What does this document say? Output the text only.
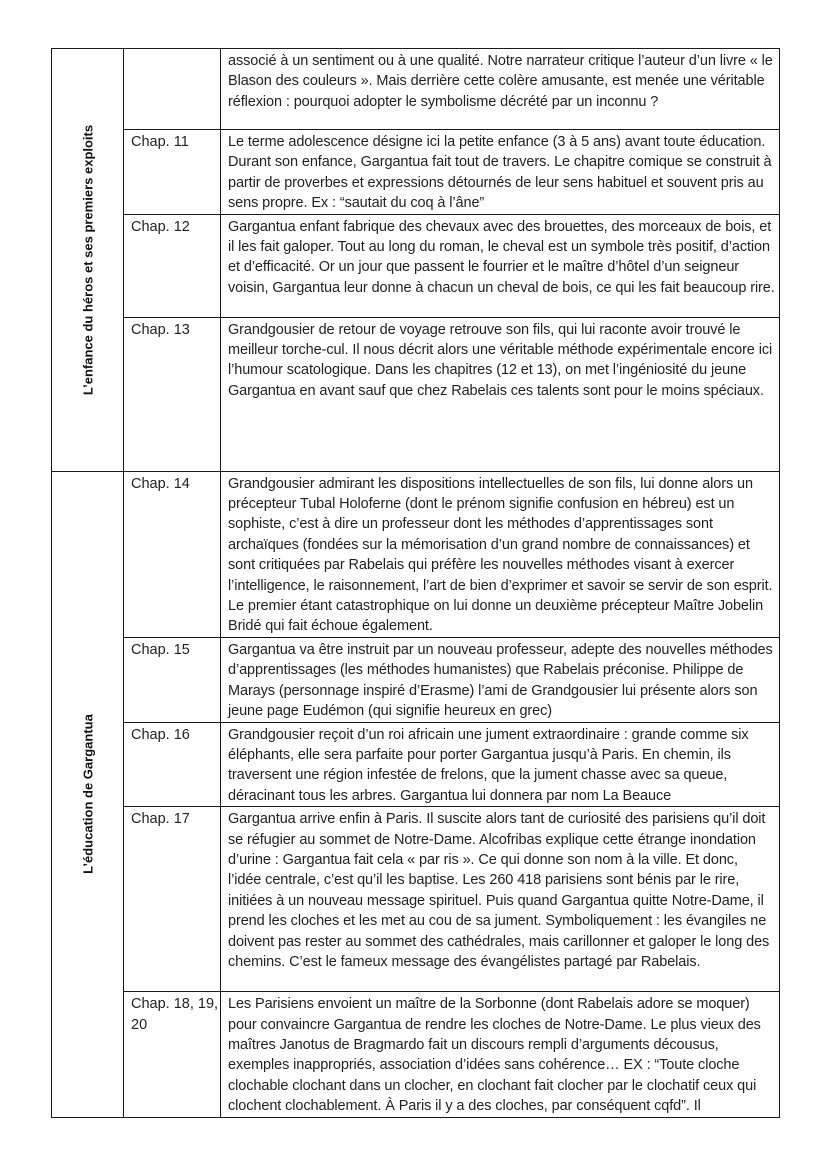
L’enfance du héros et ses premiers exploits		associé à un sentiment ou à une qualité. Notre narrateur critique l’auteur d’un livre « le Blason des couleurs ». Mais derrière cette colère amusante, est menée une véritable réflexion : pourquoi adopter le symbolisme décrété par un inconnu ?
	Chap. 11	Le terme adolescence désigne ici la petite enfance (3 à 5 ans) avant toute éducation. Durant son enfance, Gargantua fait tout de travers. Le chapitre comique se construit à partir de proverbes et expressions détournés de leur sens habituel et souvent pris au sens propre. Ex : “sautait du coq à l’âne”
	Chap. 12	Gargantua enfant fabrique des chevaux avec des brouettes, des morceaux de bois, et il les fait galoper. Tout au long du roman, le cheval est un symbole très positif, d’action et d’efficacité. Or un jour que passent le fourrier et le maître d’hôtel d’un seigneur voisin, Gargantua leur donne à chacun un cheval de bois, ce qui les fait beaucoup rire.
	Chap. 13	Grandgousier de retour de voyage retrouve son fils, qui lui raconte avoir trouvé le meilleur torche-cul. Il nous décrit alors une véritable méthode expérimentale encore ici l’humour scatologique. Dans les chapitres (12 et 13), on met l’ingéniosité du jeune Gargantua en avant sauf que chez Rabelais ces talents sont pour le moins spéciaux.

L’éducation de Gargantua	Chap. 14	Grandgousier admirant les dispositions intellectuelles de son fils, lui donne alors un précepteur Tubal Holoferne (dont le prénom signifie confusion en hébreu) est un sophiste, c’est à dire un professeur dont les méthodes d’apprentissages sont archaïques (fondées sur la mémorisation d’un grand nombre de connaissances) et sont critiquées par Rabelais qui préfère les nouvelles méthodes visant à exercer l’intelligence, le raisonnement, l’art de bien d’exprimer et savoir se servir de son esprit. Le premier étant catastrophique on lui donne un deuxième précepteur Maître Jobelin Bridé qui fait échoue également.
	Chap. 15	Gargantua va être instruit par un nouveau professeur, adepte des nouvelles méthodes d’apprentissages (les méthodes humanistes) que Rabelais préconise. Philippe de Marays (personnage inspiré d’Erasme) l’ami de Grandgousier lui présente alors son jeune page Eudémon (qui signifie heureux en grec)
	Chap. 16	Grandgousier reçoit d’un roi africain une jument extraordinaire : grande comme six éléphants, elle sera parfaite pour porter Gargantua jusqu’à Paris. En chemin, ils traversent une région infestée de frelons, que la jument chasse avec sa queue, déracinant tous les arbres. Gargantua lui donnera par nom La Beauce
	Chap. 17	Gargantua arrive enfin à Paris. Il suscite alors tant de curiosité des parisiens qu’il doit se réfugier au sommet de Notre-Dame. Alcofribas explique cette étrange inondation d’urine : Gargantua fait cela « par ris ». Ce qui donne son nom à la ville. Et donc, l’idée centrale, c’est qu’il les baptise. Les 260 418 parisiens sont bénis par le rire, initiées à un nouveau message spirituel. Puis quand Gargantua quitte Notre-Dame, il prend les cloches et les met au cou de sa jument. Symboliquement : les évangiles ne doivent pas rester au sommet des cathédrales, mais carillonner et galoper le long des chemins. C’est le fameux message des évangélistes partagé par Rabelais.
	Chap. 18, 19, 20	Les Parisiens envoient un maître de la Sorbonne (dont Rabelais adore se moquer) pour convaincre Gargantua de rendre les cloches de Notre-Dame. Le plus vieux des maîtres Janotus de Bragmardo fait un discours rempli d’arguments décousus, exemples inappropriés, association d’idées sans cohérence… EX : “Toute cloche clochable clochant dans un clocher, en clochant fait clocher par le clochatif ceux qui clochent clochablement. À Paris il y a des cloches, par conséquent cqfd”. Il
